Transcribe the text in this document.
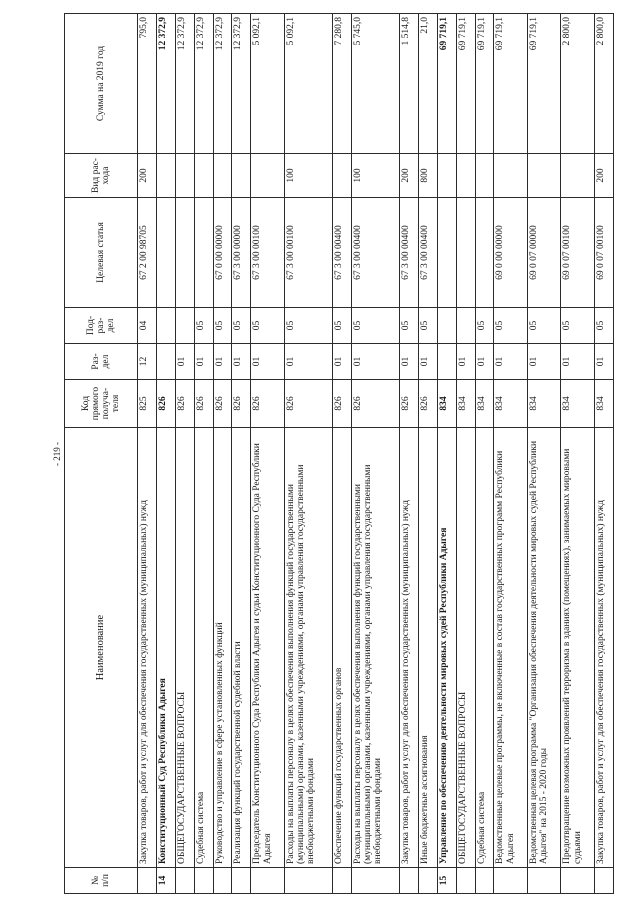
- 219 -
№ п/п	Наименование	Код прямого получа-теля	Раз-дел	Под-раз-дел	Целевая статья	Вид рас-хода	Сумма на 2019 год
	Закупка товаров, работ и услуг для обеспечения государственных (муниципальных) нужд	825	12	04	67 2 00 98705	200	795,0
14	Конституционный Суд Республики Адыгея	826					12 372,9
	ОБЩЕГОСУДАРСТВЕННЫЕ ВОПРОСЫ	826	01				12 372,9
	Судебная система	826	01	05			12 372,9
	Руководство и управление в сфере установленных функций	826	01	05	67 0 00 00000		12 372,9
	Реализация функций государственной судебной власти	826	01	05	67 3 00 00000		12 372,9
	Председатель Конституционного Суда Республики Адыгея и судьи Конституционного Суда Республики Адыгея	826	01	05	67 3 00 00100		5 092,1
	Расходы на выплаты персоналу в целях обеспечения выполнения функций государственными (муниципальными) органами, казенными учреждениями, органами управления государственными внебюджетными фондами	826	01	05	67 3 00 00100	100	5 092,1
	Обеспечение функций государственных органов	826	01	05	67 3 00 00400		7 280,8
	Расходы на выплаты персоналу в целях обеспечения выполнения функций государственными (муниципальными) органами, казенными учреждениями, органами управления государственными внебюджетными фондами	826	01	05	67 3 00 00400	100	5 745,0
	Закупка товаров, работ и услуг для обеспечения государственных (муниципальных) нужд	826	01	05	67 3 00 00400	200	1 514,8
	Иные бюджетные ассигнования	826	01	05	67 3 00 00400	800	21,0
15	Управление по обеспечению деятельности мировых судей Республики Адыгея	834					69 719,1
	ОБЩЕГОСУДАРСТВЕННЫЕ ВОПРОСЫ	834	01				69 719,1
	Судебная система	834	01	05			69 719,1
	Ведомственные целевые программы, не включенные в состав государственных программ Республики Адыгея	834	01	05	69 0 00 00000		69 719,1
	Ведомственная целевая программа "Организация обеспечения деятельности мировых судей Республики Адыгея" на 2015 - 2020 годы	834	01	05	69 0 07 00000		69 719,1
	Предотвращение возможных проявлений терроризма в зданиях (помещениях), занимаемых мировыми судьями	834	01	05	69 0 07 00100		2 800,0
	Закупка товаров, работ и услуг для обеспечения государственных (муниципальных) нужд	834	01	05	69 0 07 00100	200	2 800,0
